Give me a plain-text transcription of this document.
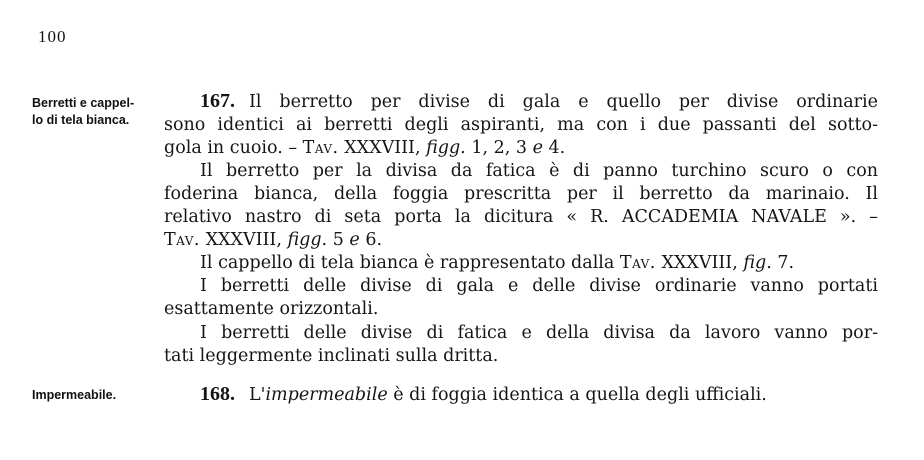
100
Berretti e cappel-
lo di tela bianca.
167. Il berretto per divise di gala e quello per divise ordinarie
sono identici ai berretti degli aspiranti, ma con i due passanti del sotto-
gola in cuoio. – Tav. XXXVIII, figg. 1, 2, 3 e 4.
Il berretto per la divisa da fatica è di panno turchino scuro o con
foderina bianca, della foggia prescritta per il berretto da marinaio. Il
relativo nastro di seta porta la dicitura « R. ACCADEMIA NAVALE ». –
Tav. XXXVIII, figg. 5 e 6.
Il cappello di tela bianca è rappresentato dalla Tav. XXXVIII, fig. 7.
I berretti delle divise di gala e delle divise ordinarie vanno portati
esattamente orizzontali.
I berretti delle divise di fatica e della divisa da lavoro vanno por-
tati leggermente inclinati sulla dritta.
Impermeabile.	168. L'impermeabile è di foggia identica a quella degli ufficiali.
